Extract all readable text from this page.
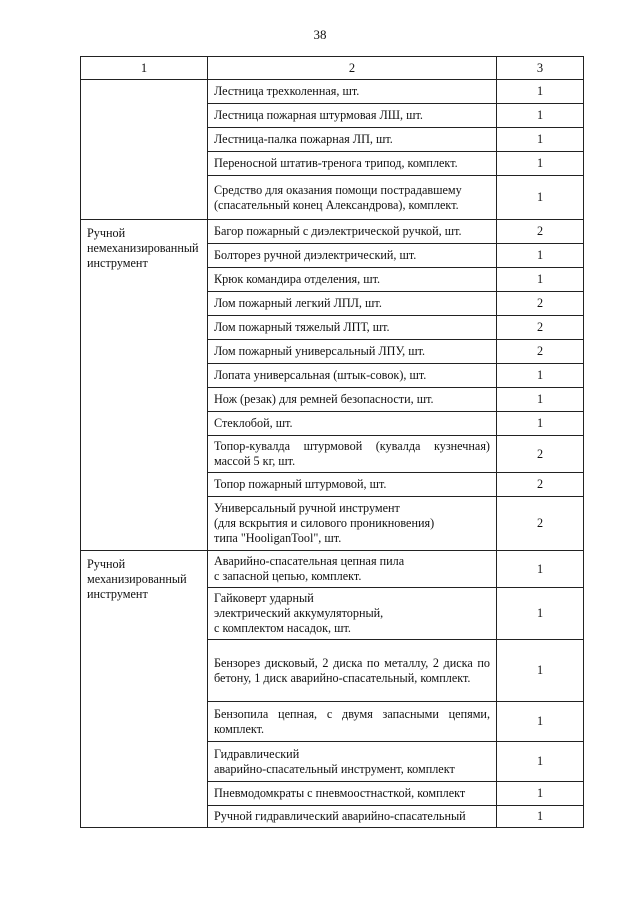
38
1	2	3
	Лестница трехколенная, шт.	1
	Лестница пожарная штурмовая ЛШ, шт.	1
	Лестница-палка пожарная ЛП, шт.	1
	Переносной штатив-тренога трипод, комплект.	1
	Средство для оказания помощи пострадавшему (спасательный конец Александрова), комплект.	1
Ручной немеханизированный инструмент	Багор пожарный с диэлектрической ручкой, шт.	2
	Болторез ручной диэлектрический, шт.	1
	Крюк командира отделения, шт.	1
	Лом пожарный легкий ЛПЛ, шт.	2
	Лом пожарный тяжелый ЛПТ, шт.	2
	Лом пожарный универсальный ЛПУ, шт.	2
	Лопата универсальная (штык-совок), шт.	1
	Нож (резак) для ремней безопасности, шт.	1
	Стеклобой, шт.	1
	Топор-кувалда штурмовой (кувалда кузнечная) массой 5 кг, шт.	2
	Топор пожарный штурмовой, шт.	2
	Универсальный ручной инструмент
(для вскрытия и силового проникновения)
типа "HooliganTool", шт.	2
Ручной механизированный инструмент	Аварийно-спасательная цепная пила
с запасной цепью, комплект.	1
	Гайковерт ударный
электрический аккумуляторный,
с комплектом насадок, шт.	1
	Бензорез дисковый, 2 диска по металлу, 2 диска по бетону, 1 диск аварийно-спасательный, комплект.	1
	Бензопила цепная, с двумя запасными цепями, комплект.	1
	Гидравлический
аварийно-спасательный инструмент, комплект	1
	Пневмодомкраты с пневмоостнасткой, комплект	1
	Ручной гидравлический аварийно-спасательный	1
